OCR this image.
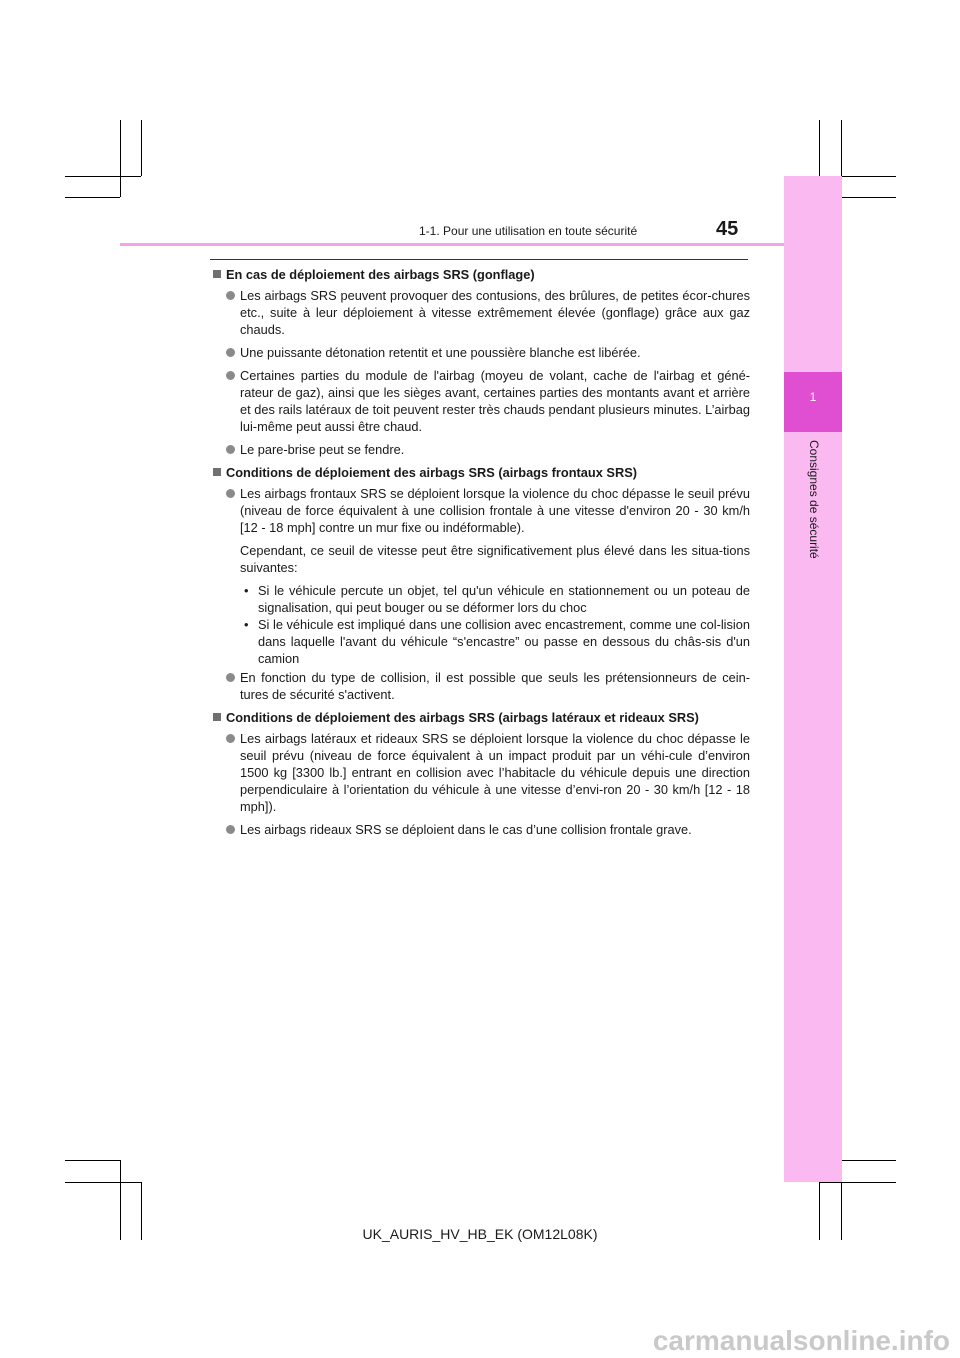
1-1. Pour une utilisation en toute sécurité	45
1
Consignes de sécurité
En cas de déploiement des airbags SRS (gonflage)
Les airbags SRS peuvent provoquer des contusions, des brûlures, de petites écor-chures etc., suite à leur déploiement à vitesse extrêmement élevée (gonflage) grâce aux gaz chauds.
Une puissante détonation retentit et une poussière blanche est libérée.
Certaines parties du module de l'airbag (moyeu de volant, cache de l'airbag et géné-rateur de gaz), ainsi que les sièges avant, certaines parties des montants avant et arrière et des rails latéraux de toit peuvent rester très chauds pendant plusieurs minutes. L’airbag lui-même peut aussi être chaud.
Le pare-brise peut se fendre.
Conditions de déploiement des airbags SRS (airbags frontaux SRS)
Les airbags frontaux SRS se déploient lorsque la violence du choc dépasse le seuil prévu (niveau de force équivalent à une collision frontale à une vitesse d'environ 20 - 30 km/h [12 - 18 mph] contre un mur fixe ou indéformable).
Cependant, ce seuil de vitesse peut être significativement plus élevé dans les situa-tions suivantes:
• Si le véhicule percute un objet, tel qu'un véhicule en stationnement ou un poteau de signalisation, qui peut bouger ou se déformer lors du choc
• Si le véhicule est impliqué dans une collision avec encastrement, comme une col-lision dans laquelle l'avant du véhicule “s'encastre” ou passe en dessous du châs-sis d'un camion
En fonction du type de collision, il est possible que seuls les prétensionneurs de cein-tures de sécurité s'activent.
Conditions de déploiement des airbags SRS (airbags latéraux et rideaux SRS)
Les airbags latéraux et rideaux SRS se déploient lorsque la violence du choc dépasse le seuil prévu (niveau de force équivalent à un impact produit par un véhi-cule d’environ 1500 kg [3300 lb.] entrant en collision avec l’habitacle du véhicule depuis une direction perpendiculaire à l’orientation du véhicule à une vitesse d’envi-ron 20 - 30 km/h [12 - 18 mph]).
Les airbags rideaux SRS se déploient dans le cas d’une collision frontale grave.
UK_AURIS_HV_HB_EK (OM12L08K)
carmanualsonline.info
